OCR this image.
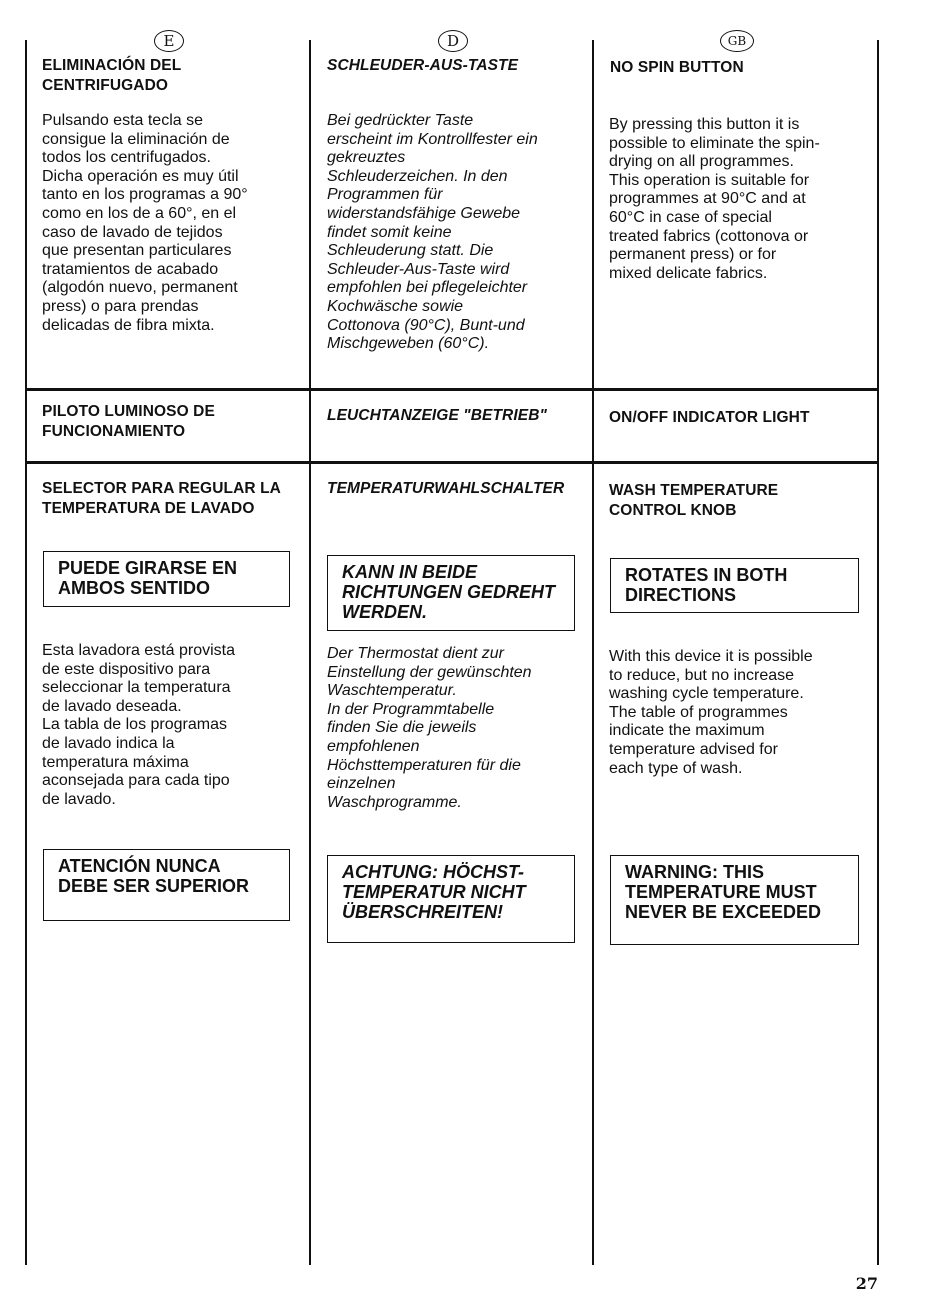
E
ELIMINACIÓN DEL
CENTRIFUGADO
Pulsando esta tecla se
consigue la eliminación de
todos los centrifugados.
Dicha operación es muy útil
tanto en los programas a 90°
como en los de a 60°, en el
caso de lavado de tejidos
que presentan particulares
tratamientos de acabado
(algodón nuevo, permanent
press) o para prendas
delicadas de fibra mixta.
PILOTO LUMINOSO DE
FUNCIONAMIENTO
SELECTOR PARA REGULAR LA
TEMPERATURA DE LAVADO
PUEDE GIRARSE EN
AMBOS SENTIDO
Esta lavadora está provista
de este dispositivo para
seleccionar la temperatura
de lavado deseada.
La tabla de los programas
de lavado indica la
temperatura máxima
aconsejada para cada tipo
de lavado.
ATENCIÓN NUNCA
DEBE SER SUPERIOR
D
SCHLEUDER-AUS-TASTE
Bei gedrückter Taste
erscheint im Kontrollfester ein
gekreuztes
Schleuderzeichen. In den
Programmen für
widerstandsfähige Gewebe
findet somit keine
Schleuderung statt. Die
Schleuder-Aus-Taste wird
empfohlen bei pflegeleichter
Kochwäsche sowie
Cottonova (90°C), Bunt-und
Mischgeweben (60°C).
LEUCHTANZEIGE "BETRIEB"
TEMPERATURWAHLSCHALTER
KANN IN BEIDE
RICHTUNGEN GEDREHT
WERDEN.
Der Thermostat dient zur
Einstellung der gewünschten
Waschtemperatur.
In der Programmtabelle
finden Sie die jeweils
empfohlenen
Höchsttemperaturen für die
einzelnen
Waschprogramme.
ACHTUNG: HÖCHST-
TEMPERATUR NICHT
ÜBERSCHREITEN!
GB
NO SPIN BUTTON
By pressing this button it is
possible to eliminate the spin-
drying on all programmes.
This operation is suitable for
programmes at 90°C and at
60°C in case of special
treated fabrics (cottonova or
permanent press) or for
mixed delicate fabrics.
ON/OFF INDICATOR LIGHT
WASH TEMPERATURE
CONTROL KNOB
ROTATES IN BOTH
DIRECTIONS
With this device it is possible
to reduce, but no increase
washing cycle temperature.
The table of programmes
indicate the maximum
temperature advised for
each type of wash.
WARNING: THIS
TEMPERATURE MUST
NEVER BE EXCEEDED
27
